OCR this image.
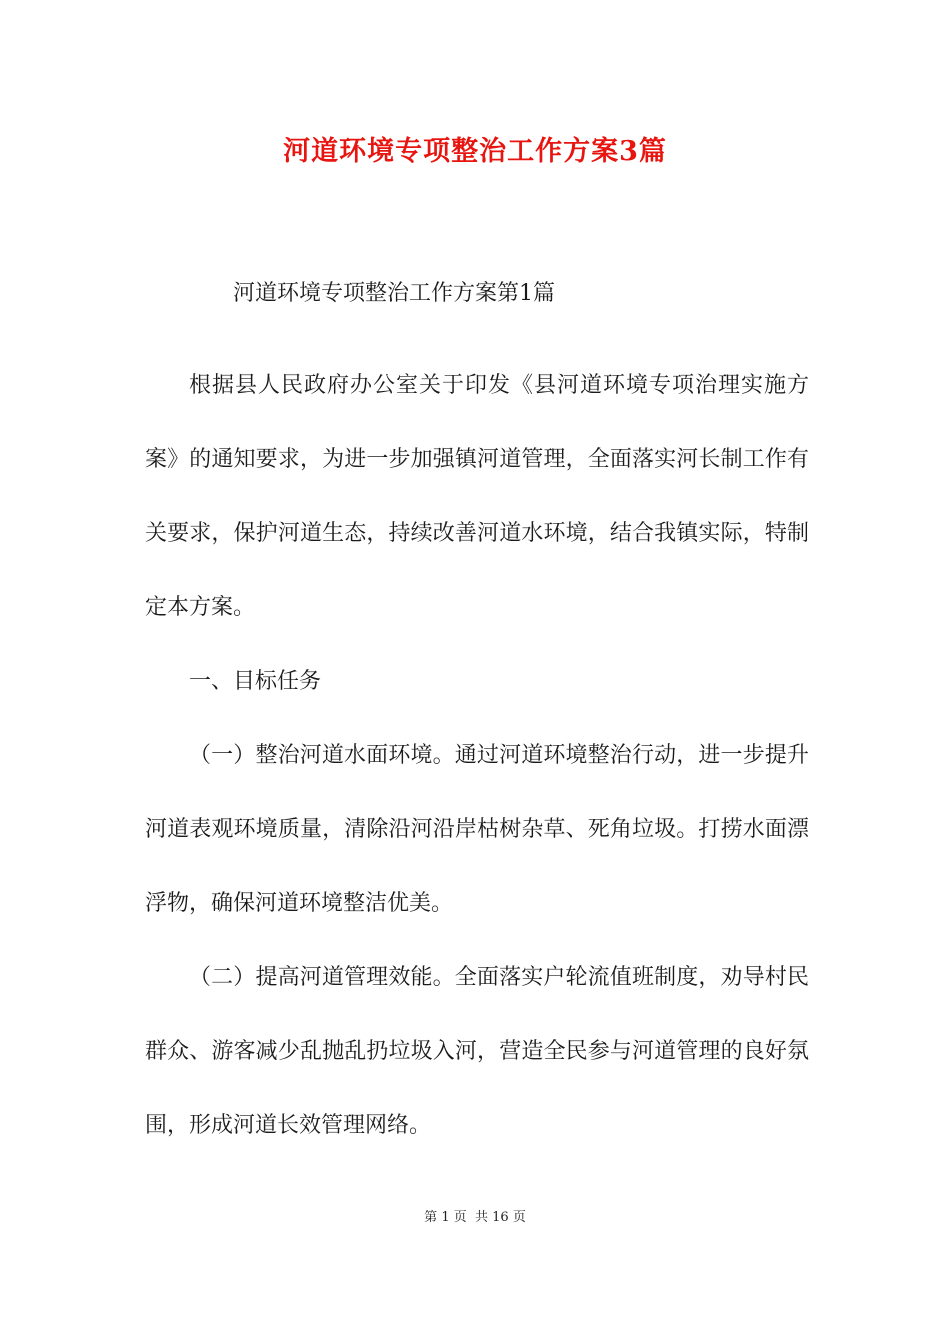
河道环境专项整治工作方案3篇
河道环境专项整治工作方案第1篇

根据县人民政府办公室关于印发《县河道环境专项治理实施方案》的通知要求，为进一步加强镇河道管理，全面落实河长制工作有关要求，保护河道生态，持续改善河道水环境，结合我镇实际，特制定本方案。

一、目标任务

（一）整治河道水面环境。通过河道环境整治行动，进一步提升河道表观环境质量，清除沿河沿岸枯树杂草、死角垃圾。打捞水面漂浮物，确保河道环境整洁优美。

（二）提高河道管理效能。全面落实户轮流值班制度，劝导村民群众、游客减少乱抛乱扔垃圾入河，营造全民参与河道管理的良好氛围，形成河道长效管理网络。

第 1 页  共 16 页
